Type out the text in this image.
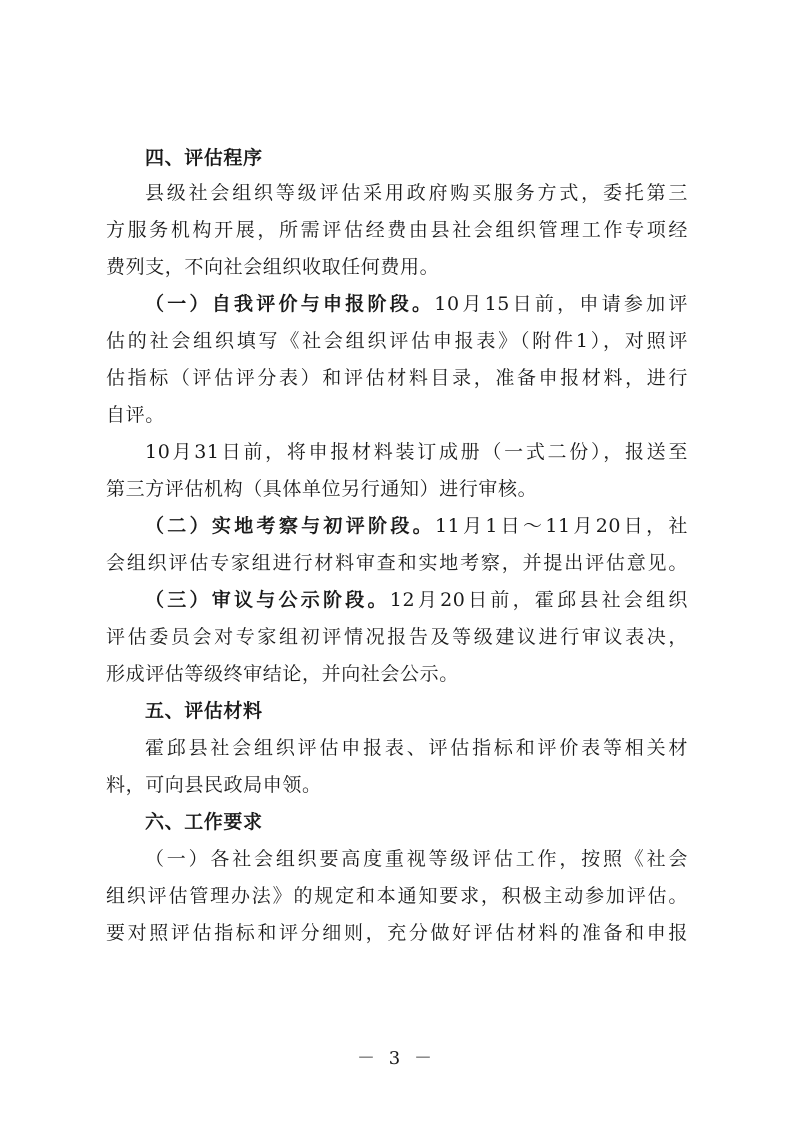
四、评估程序
县级社会组织等级评估采用政府购买服务方式，委托第三
方服务机构开展，所需评估经费由县社会组织管理工作专项经
费列支，不向社会组织收取任何费用。
（一）自我评价与申报阶段。10月15日前，申请参加评
估的社会组织填写《社会组织评估申报表》（附件1），对照评
估指标（评估评分表）和评估材料目录，准备申报材料，进行
自评。
10月31日前，将申报材料装订成册（一式二份），报送至
第三方评估机构（具体单位另行通知）进行审核。
（二）实地考察与初评阶段。11月1日～11月20日，社
会组织评估专家组进行材料审查和实地考察，并提出评估意见。
（三）审议与公示阶段。12月20日前，霍邱县社会组织
评估委员会对专家组初评情况报告及等级建议进行审议表决，
形成评估等级终审结论，并向社会公示。
五、评估材料
霍邱县社会组织评估申报表、评估指标和评价表等相关材
料，可向县民政局申领。
六、工作要求
（一）各社会组织要高度重视等级评估工作，按照《社会
组织评估管理办法》的规定和本通知要求，积极主动参加评估。
要对照评估指标和评分细则，充分做好评估材料的准备和申报
－ 3 －
